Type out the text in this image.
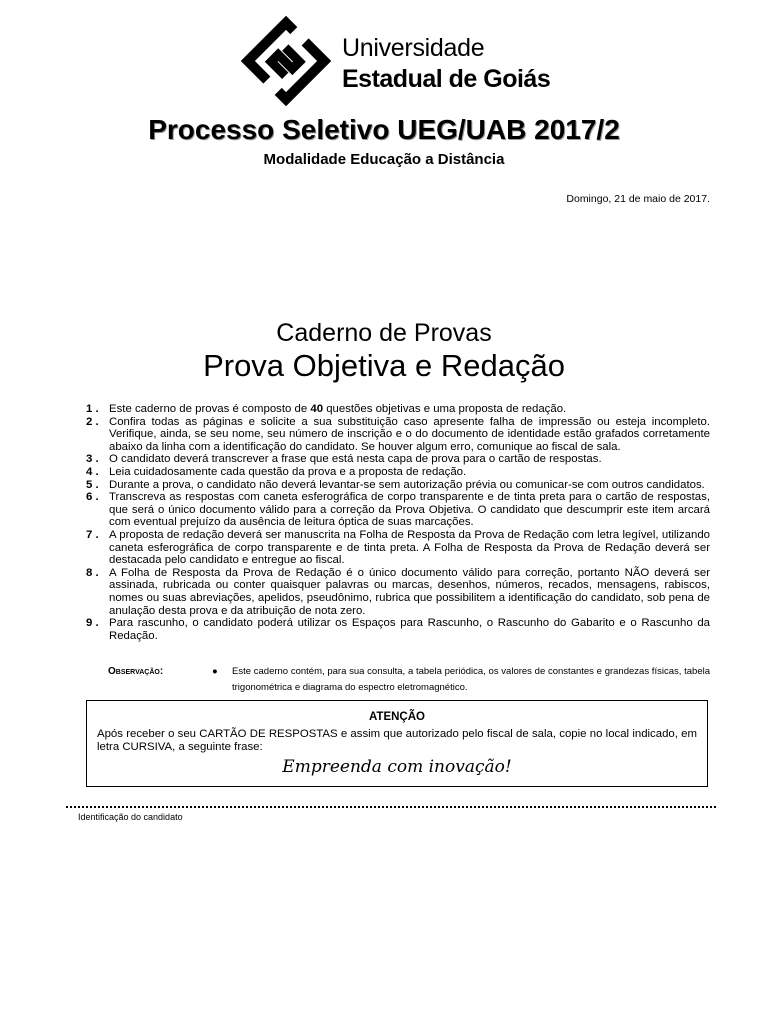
Universidade
Estadual de Goiás
Processo Seletivo UEG/UAB 2017/2
Modalidade Educação a Distância
Domingo, 21 de maio de 2017.
Caderno de Provas
Prova Objetiva e Redação
1 . Este caderno de provas é composto de 40 questões objetivas e uma proposta de redação.
2 . Confira todas as páginas e solicite a sua substituição caso apresente falha de impressão ou esteja incompleto. Verifique, ainda, se seu nome, seu número de inscrição e o do documento de identidade estão grafados corretamente abaixo da linha com a identificação do candidato. Se houver algum erro, comunique ao fiscal de sala.
3 . O candidato deverá transcrever a frase que está nesta capa de prova para o cartão de respostas.
4 . Leia cuidadosamente cada questão da prova e a proposta de redação.
5 . Durante a prova, o candidato não deverá levantar-se sem autorização prévia ou comunicar-se com outros candidatos.
6 . Transcreva as respostas com caneta esferográfica de corpo transparente e de tinta preta para o cartão de respostas, que será o único documento válido para a correção da Prova Objetiva. O candidato que descumprir este item arcará com eventual prejuízo da ausência de leitura óptica de suas marcações.
7 . A proposta de redação deverá ser manuscrita na Folha de Resposta da Prova de Redação com letra legível, utilizando caneta esferográfica de corpo transparente e de tinta preta. A Folha de Resposta da Prova de Redação deverá ser destacada pelo candidato e entregue ao fiscal.
8 . A Folha de Resposta da Prova de Redação é o único documento válido para correção, portanto NÃO deverá ser assinada, rubricada ou conter quaisquer palavras ou marcas, desenhos, números, recados, mensagens, rabiscos, nomes ou suas abreviações, apelidos, pseudônimo, rubrica que possibilitem a identificação do candidato, sob pena de anulação desta prova e da atribuição de nota zero.
9 . Para rascunho, o candidato poderá utilizar os Espaços para Rascunho, o Rascunho do Gabarito e o Rascunho da Redação.
Observação:	● Este caderno contém, para sua consulta, a tabela periódica, os valores de constantes e grandezas físicas, tabela trigonométrica e diagrama do espectro eletromagnético.
ATENÇÃO
Após receber o seu CARTÃO DE RESPOSTAS e assim que autorizado pelo fiscal de sala, copie no local indicado, em letra CURSIVA, a seguinte frase:
Empreenda com inovação!
Identificação do candidato
